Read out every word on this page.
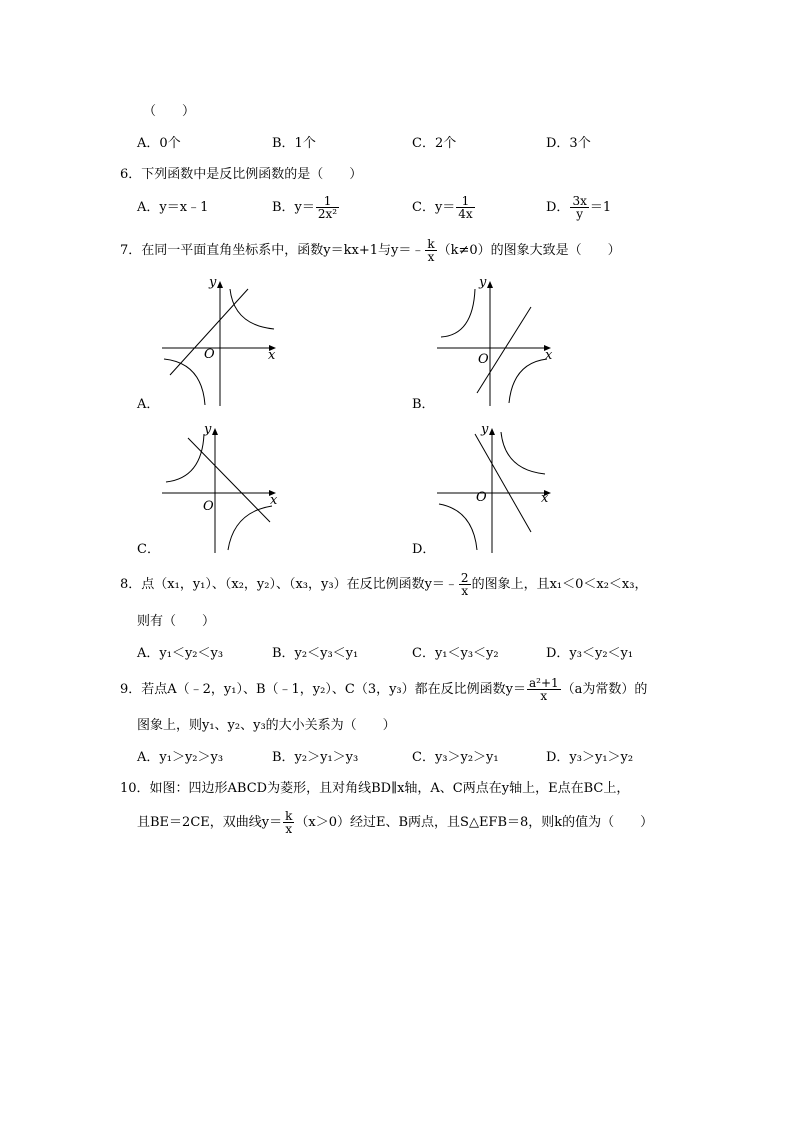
（　　）
A．0个	B．1个	C．2个	D．3个
6．下列函数中是反比例函数的是（　　）
A．y＝x﹣1	B．$y= \frac{1}{\text{2x²}}$	C．$y= \frac{1}{4x}$	D． $\frac{3x}{y} =1$
7．在同一平面直角坐标系中，函数y＝kx+1与y＝﹣ $\frac{k}{x} (k\ne 0)$的图象大致是（　　）
y
x
O
A．
y
x
O
B．
y
x
O
C．
y
x
O
D．
8．点（x₁，y₁）、（x₂，y₂）、（x₃，y₃）在反比例函数y＝﹣ $\frac{2}{x}$ 的图象上，且x₁＜0＜x₂＜x₃，
则有（　　）
A．y₁＜y₂＜y₃	B．y₂＜y₃＜y₁	C．y₁＜y₃＜y₂	D．y₃＜y₂＜y₁
9．若点A（﹣2，y₁）、B（﹣1，y₂）、C（3，y₃）都在反比例函数$y= \frac{\text{a²+1}}{x} (a$为常数）的
图象上，则y₁、y₂、y₃的大小关系为（　　）
A．y₁＞y₂＞y₃	B．y₂＞y₁＞y₃	C．y₃＞y₂＞y₁	D．y₃＞y₁＞y₂
10．如图：四边形ABCD为菱形，且对角线BD∥x轴，A、C两点在y轴上，E点在BC上，
且BE＝2CE，双曲线$y= \frac{k}{x} (x>0)$经过E、B两点，且S△EFB＝8，则k的值为（　　）
